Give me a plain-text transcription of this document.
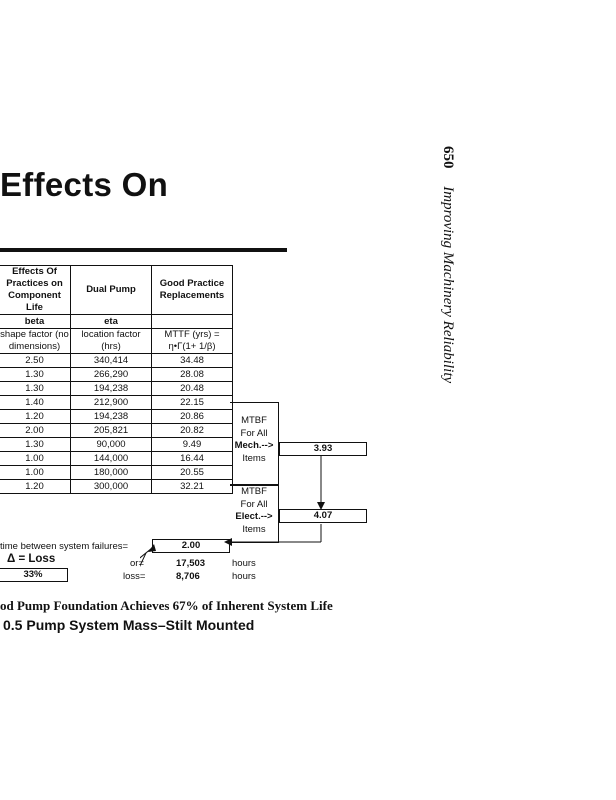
Effects On
650 Improving Machinery Reliability
Effects Of Practices on Component Life	Dual Pump	Good Practice Replacements
beta	eta	
shape factor (no dimensions)	location factor (hrs)	MTTF (yrs) = η•Γ(1+ 1/β)
2.50	340,414	34.48
1.30	266,290	28.08
1.30	194,238	20.48
1.40	212,900	22.15
1.20	194,238	20.86
2.00	205,821	20.82
1.30	90,000	9.49
1.00	144,000	16.44
1.00	180,000	20.55
1.20	300,000	32.21
MTBF
For All
Mech.-->
Items
3.93
MTBF
For All
Elect.-->
Items
4.07
time between system failures=	2.00
Δ = Loss
33%
or=	17,503	hours
loss=	8,706	hours
od Pump Foundation Achieves 67% of Inherent System Life
0.5 Pump System Mass–Stilt Mounted
